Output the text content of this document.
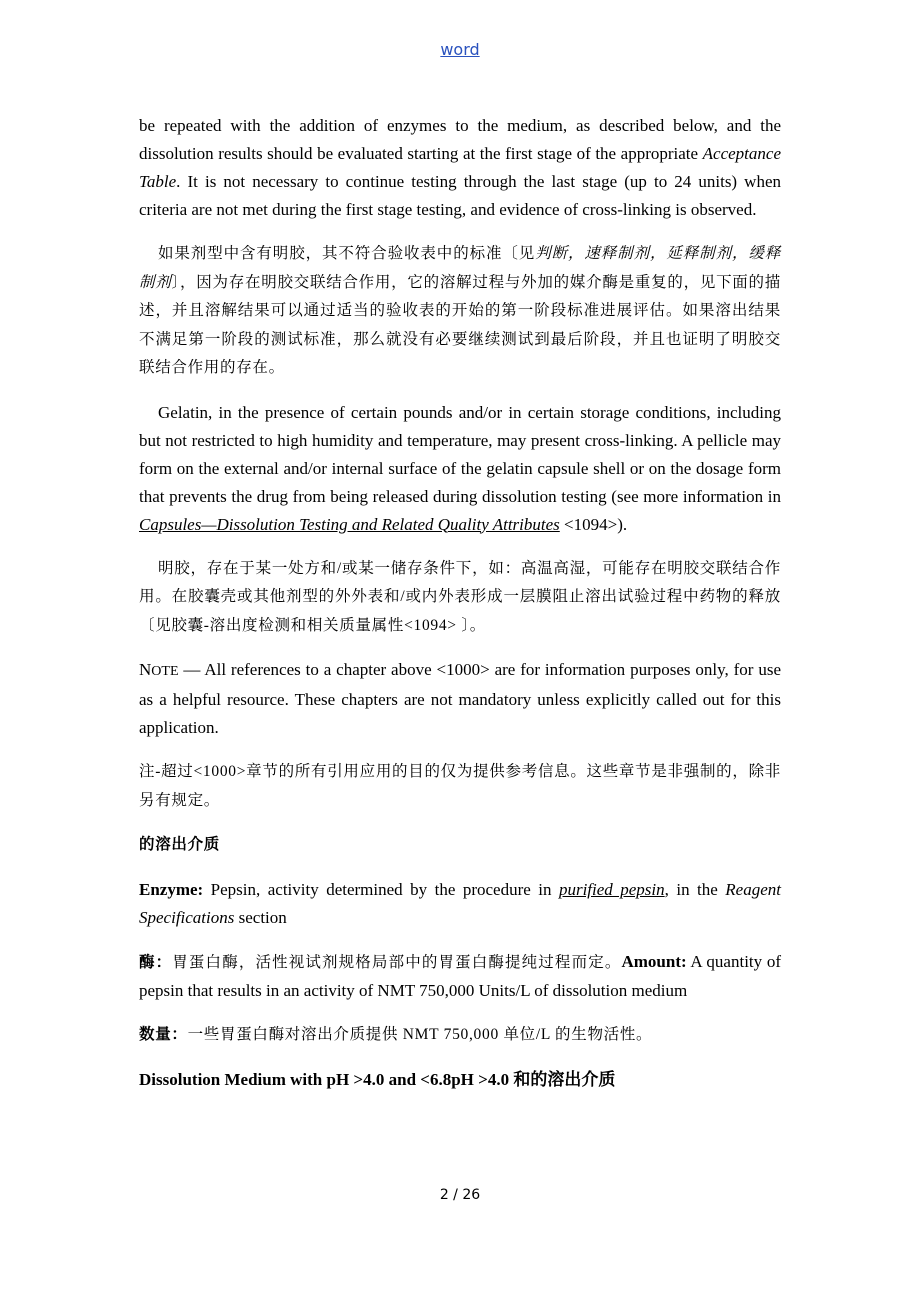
word

be repeated with the addition of enzymes to the medium, as described below, and the dissolution results should be evaluated starting at the first stage of the appropriate Acceptance Table. It is not necessary to continue testing through the last stage (up to 24 units) when criteria are not met during the first stage testing, and evidence of cross-linking is observed.

如果剂型中含有明胶，其不符合验收表中的标准〔见判断，速释制剂，延释制剂，缓释制剂〕，因为存在明胶交联结合作用，它的溶解过程与外加的媒介酶是重复的，见下面的描述，并且溶解结果可以通过适当的验收表的开始的第一阶段标准进展评估。如果溶出结果不满足第一阶段的测试标准，那么就没有必要继续测试到最后阶段，并且也证明了明胶交联结合作用的存在。

Gelatin, in the presence of certain pounds and/or in certain storage conditions, including but not restricted to high humidity and temperature, may present cross-linking. A pellicle may form on the external and/or internal surface of the gelatin capsule shell or on the dosage form that prevents the drug from being released during dissolution testing (see more information in Capsules—Dissolution Testing and Related Quality Attributes <1094>).

明胶，存在于某一处方和/或某一储存条件下，如：高温高湿，可能存在明胶交联结合作用。在胶囊壳或其他剂型的外外表和/或内外表形成一层膜阻止溶出试验过程中药物的释放〔见胶囊-溶出度检测和相关质量属性<1094> 〕。

NOTE — All references to a chapter above <1000> are for information purposes only, for use as a helpful resource. These chapters are not mandatory unless explicitly called out for this application.

注-超过<1000>章节的所有引用应用的目的仅为提供参考信息。这些章节是非强制的，除非另有规定。

的溶出介质

Enzyme: Pepsin, activity determined by the procedure in purified pepsin, in the Reagent Specifications section

酶：胃蛋白酶，活性视试剂规格局部中的胃蛋白酶提纯过程而定。Amount: A quantity of pepsin that results in an activity of NMT 750,000 Units/L of dissolution medium

数量：一些胃蛋白酶对溶出介质提供 NMT 750,000 单位/L 的生物活性。

Dissolution Medium with pH >4.0 and <6.8pH >4.0 和的溶出介质

2 / 26
